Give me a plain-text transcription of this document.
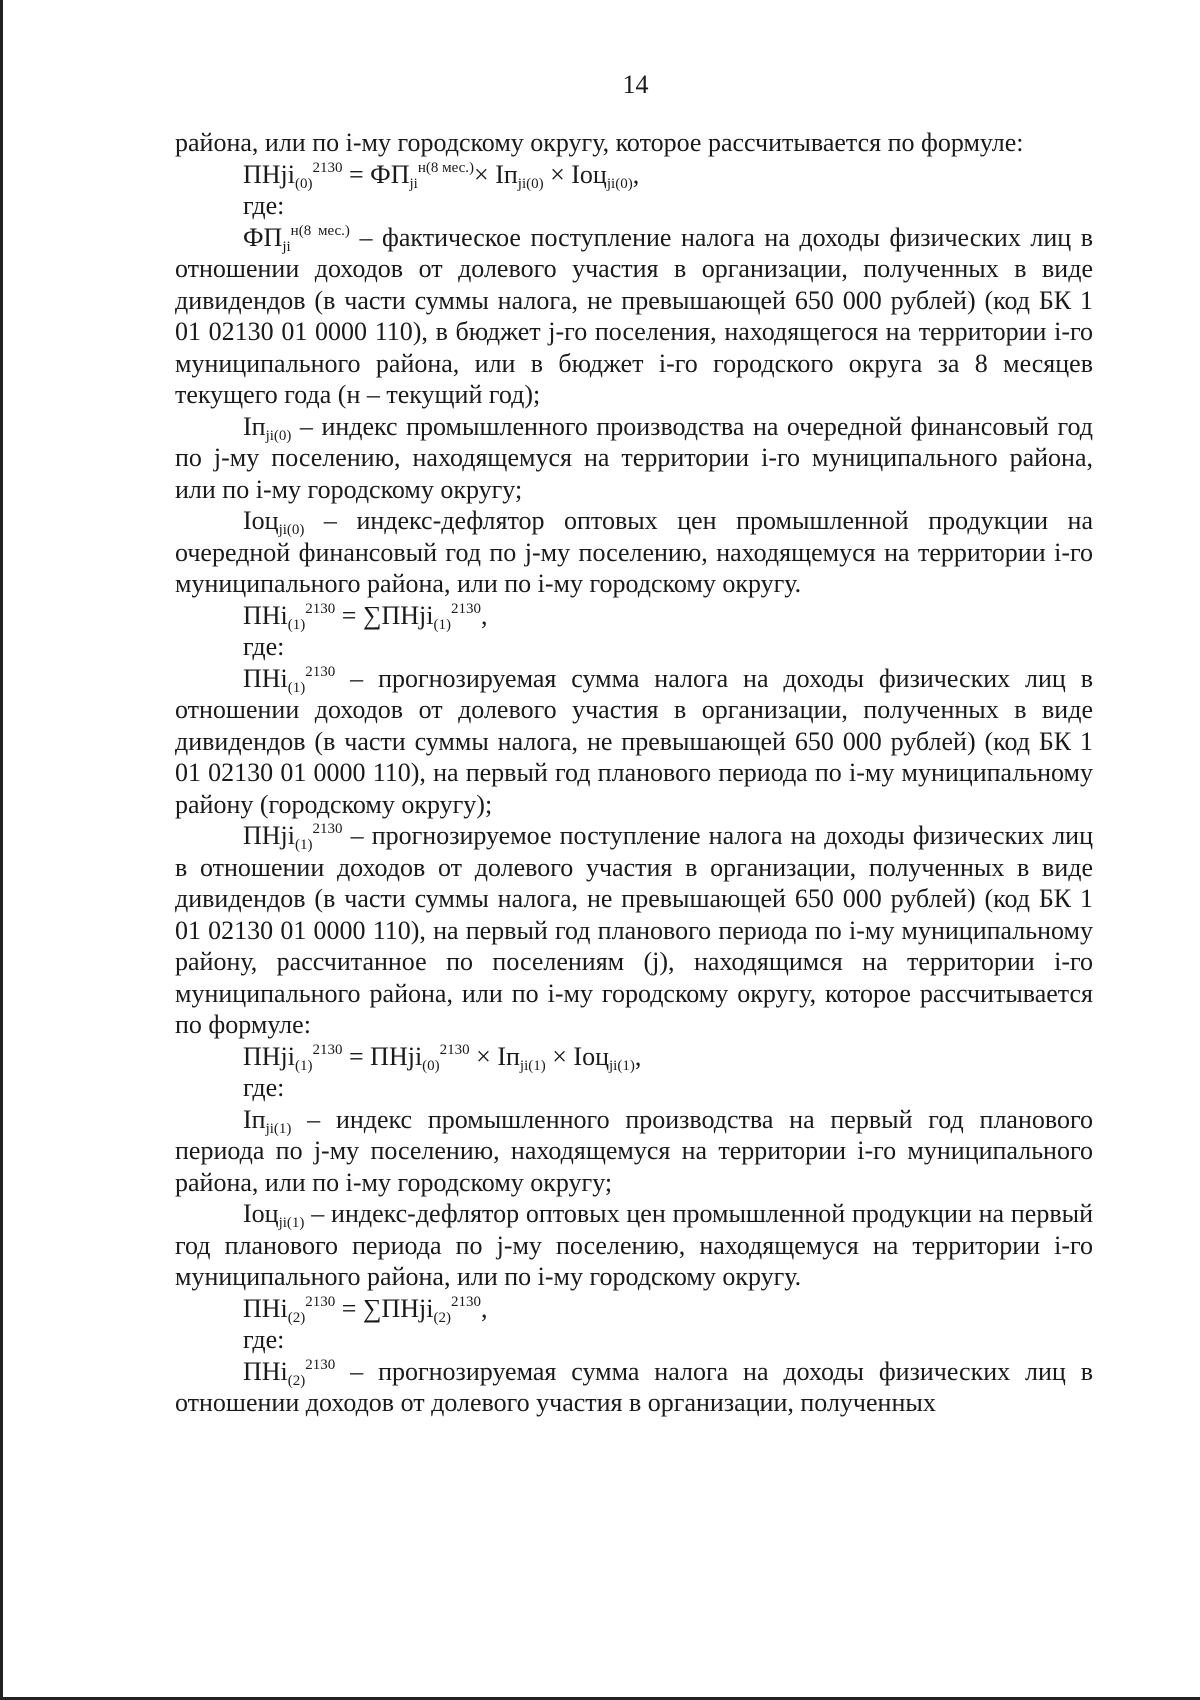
14

района, или по i-му городскому округу, которое рассчитывается по формуле:

ПНji$_{(0)}^{2130}$ = $ФП_{ji}^{н(8 мес.)}\times Iп_{ji(0)} \times Iоц_{ji(0)}$,

где:

$ФП_{ji}^{н(8 мес.)}$ – фактическое поступление налога на доходы физических лиц в отношении доходов от долевого участия в организации, полученных в виде дивидендов (в части суммы налога, не превышающей 650 000 рублей) (код БК 1 01 02130 01 0000 110), в бюджет j-го поселения, находящегося на территории i-го муниципального района, или в бюджет i-го городского округа за 8 месяцев текущего года (н – текущий год);

$Iп_{ji(0)}$ – индекс промышленного производства на очередной финансовый год по j-му поселению, находящемуся на территории i-го муниципального района, или по i-му городскому округу;

Iоц$_{ji(0)}$ – индекс-дефлятор оптовых цен промышленной продукции на очередной финансовый год по j-му поселению, находящемуся на территории i-го муниципального района, или по i-му городскому округу.

ПНi$_{(1)}^{2130}$ = ∑ПНji$_{(1)}^{2130}$,

где:

ПНi$_{(1)}^{2130}$ – прогнозируемая сумма налога на доходы физических лиц в отношении доходов от долевого участия в организации, полученных в виде дивидендов (в части суммы налога, не превышающей 650 000 рублей) (код БК 1 01 02130 01 0000 110), на первый год планового периода по i-му муниципальному району (городскому округу);

ПНji$_{(1)}^{2130}$ – прогнозируемое поступление налога на доходы физических лиц в отношении доходов от долевого участия в организации, полученных в виде дивидендов (в части суммы налога, не превышающей 650 000 рублей) (код БК 1 01 02130 01 0000 110), на первый год планового периода по i-му муниципальному району, рассчитанное по поселениям (j), находящимся на территории i-го муниципального района, или по i-му городскому округу, которое рассчитывается по формуле:

ПНji$_{(1)}^{2130}$ = ПНji$_{(0)}^{2130}$ × $Iп_{ji(1)} \times Iоц_{ji(1)}$,

где:

$Iп_{ji(1)}$ – индекс промышленного производства на первый год планового периода по j-му поселению, находящемуся на территории i-го муниципального района, или по i-му городскому округу;

Iоц$_{ji(1)}$ – индекс-дефлятор оптовых цен промышленной продукции на первый год планового периода по j-му поселению, находящемуся на территории i-го муниципального района, или по i-му городскому округу.

ПНi$_{(2)}^{2130}$ = ∑ПНji$_{(2)}^{2130}$,

где:

ПНi$_{(2)}^{2130}$ – прогнозируемая сумма налога на доходы физических лиц в отношении доходов от долевого участия в организации, полученных
